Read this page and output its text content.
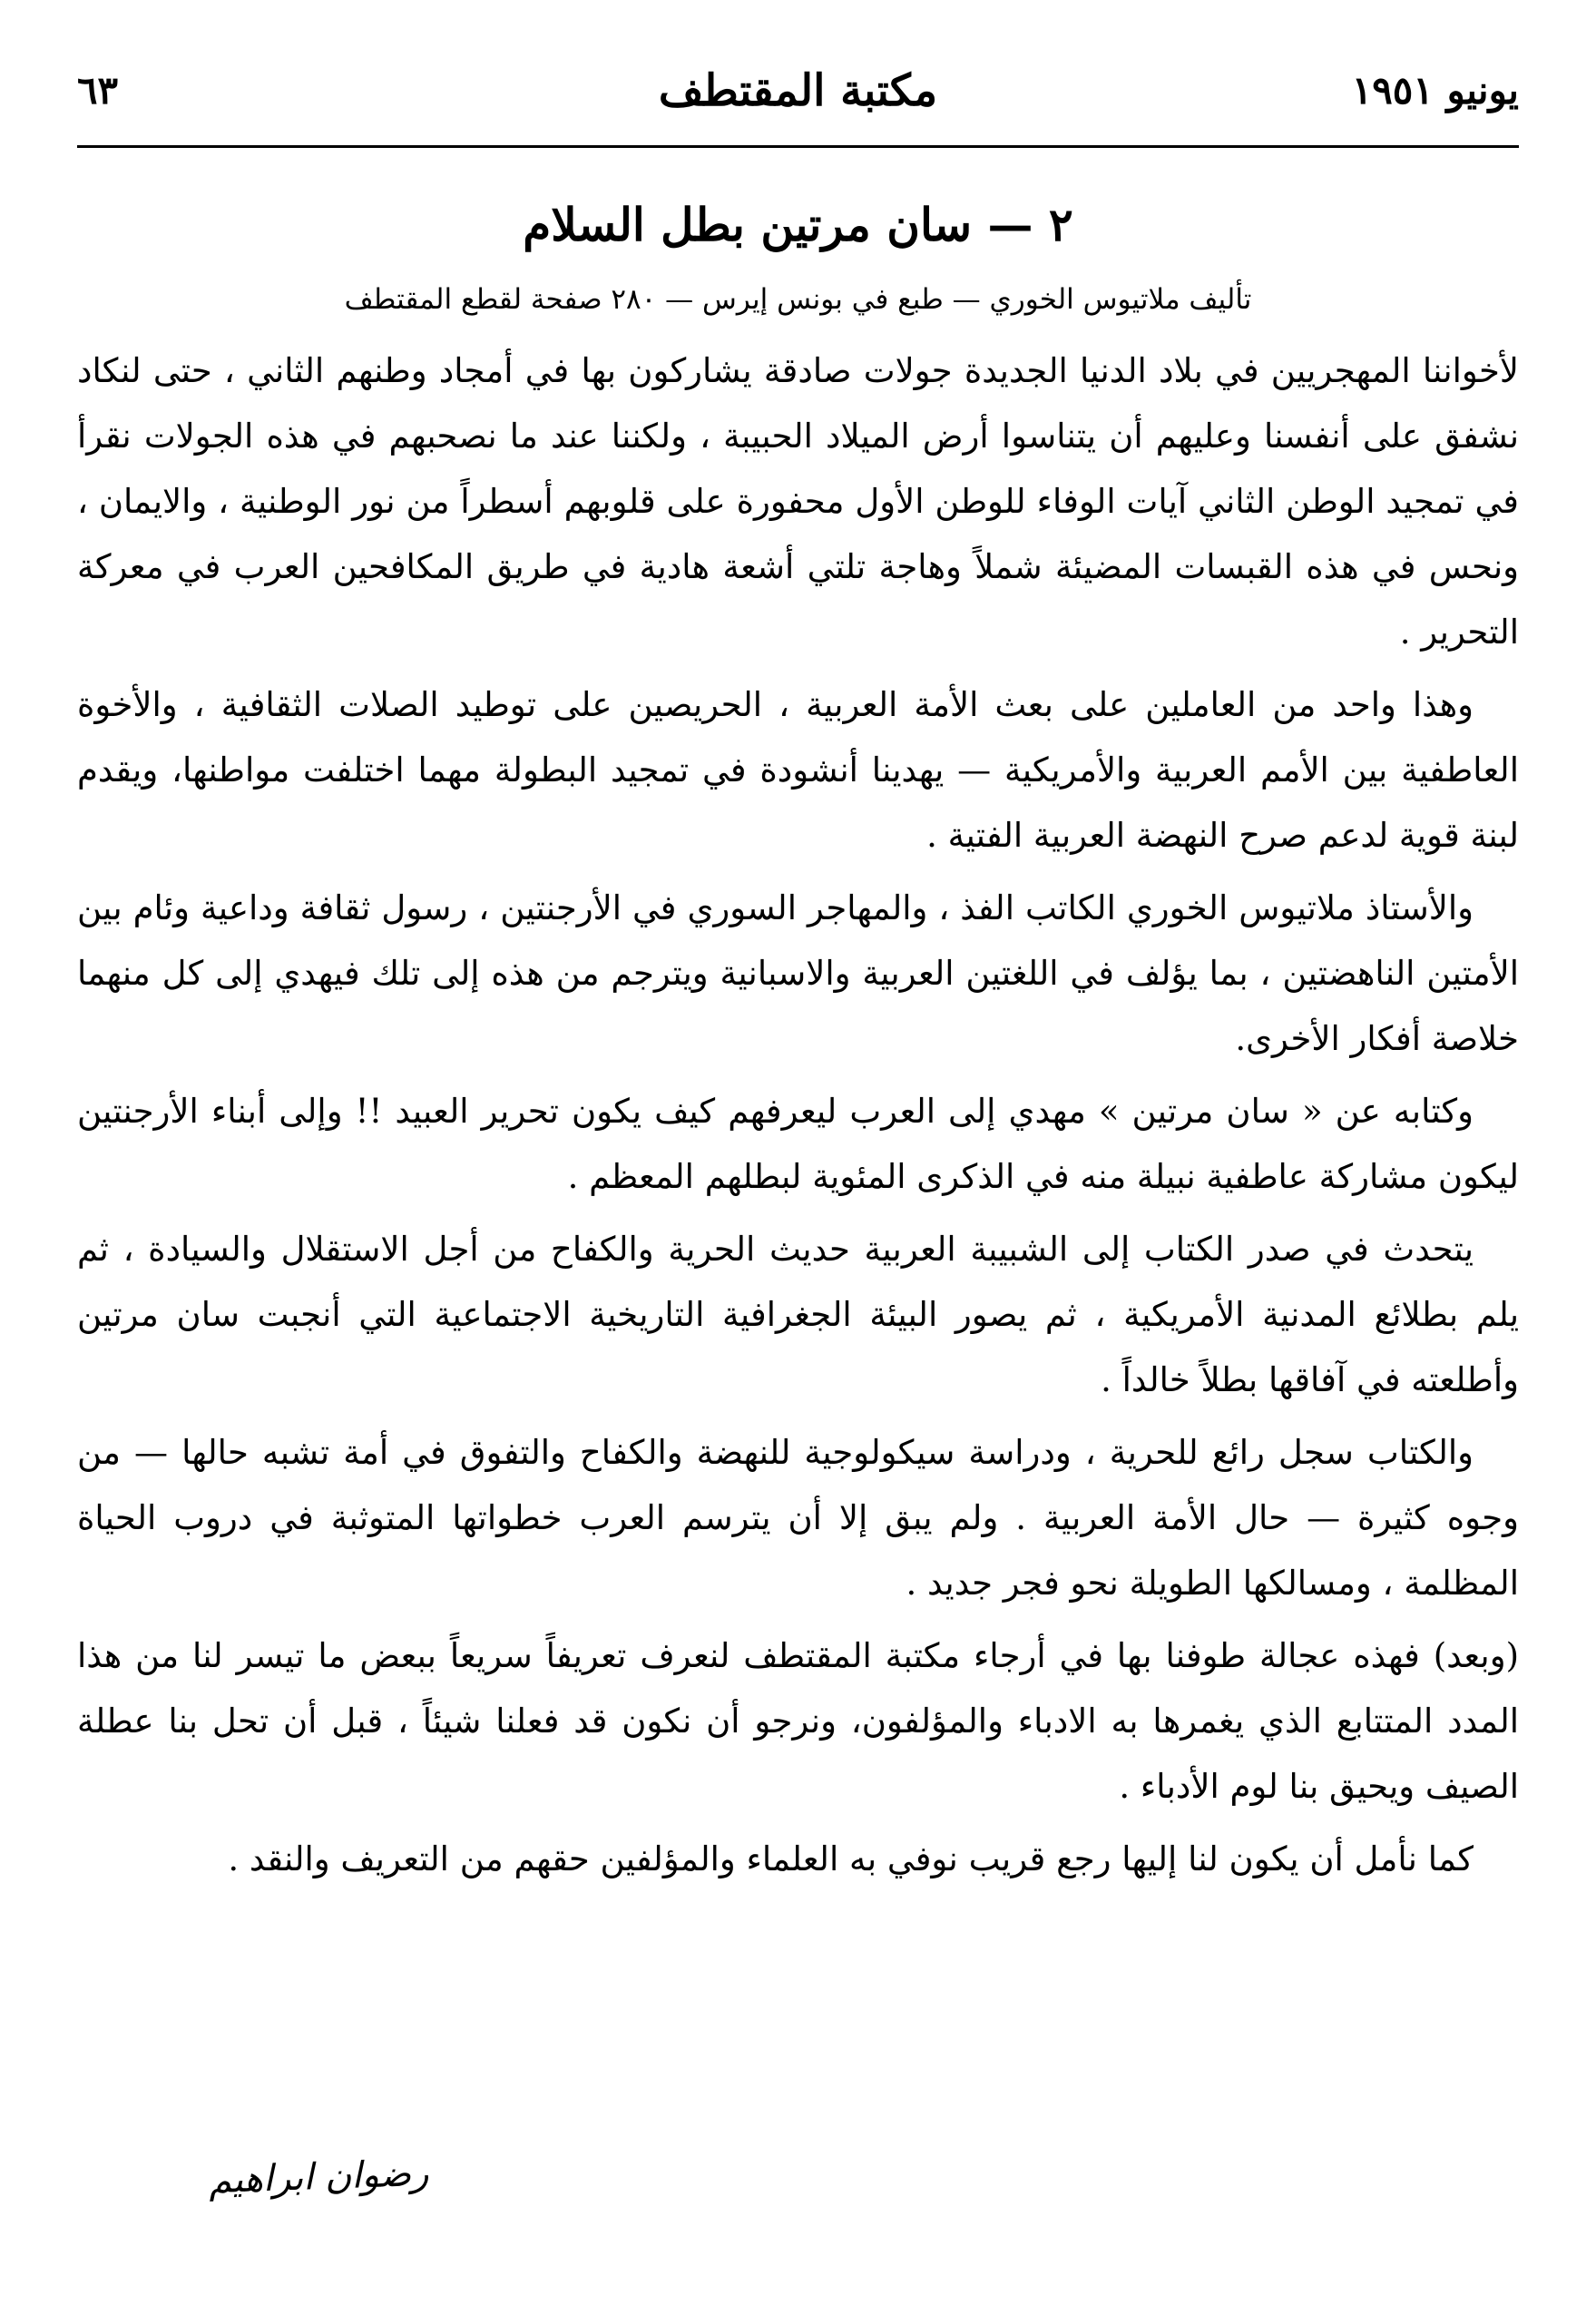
يونيو ١٩٥١
مكتبة المقتطف
٦٣
٢ — سان مرتين بطل السلام
تأليف ملاتيوس الخوري — طبع في بونس إيرس — ٢٨٠ صفحة لقطع المقتطف

لأخواننا المهجريين في بلاد الدنيا الجديدة جولات صادقة يشاركون بها في أمجاد وطنهم الثاني ، حتى لنكاد نشفق على أنفسنا وعليهم أن يتناسوا أرض الميلاد الحبيبة ، ولكننا عند ما نصحبهم في هذه الجولات نقرأ في تمجيد الوطن الثاني آيات الوفاء للوطن الأول محفورة على قلوبهم أسطراً من نور الوطنية ، والايمان ، ونحس في هذه القبسات المضيئة شملاً وهاجة تلتي أشعة هادية في طريق المكافحين العرب في معركة التحرير .

وهذا واحد من العاملين على بعث الأمة العربية ، الحريصين على توطيد الصلات الثقافية ، والأخوة العاطفية بين الأمم العربية والأمريكية — يهدينا أنشودة في تمجيد البطولة مهما اختلفت مواطنها، ويقدم لبنة قوية لدعم صرح النهضة العربية الفتية .

والأستاذ ملاتيوس الخوري الكاتب الفذ ، والمهاجر السوري في الأرجنتين ، رسول ثقافة وداعية وئام بين الأمتين الناهضتين ، بما يؤلف في اللغتين العربية والاسبانية ويترجم من هذه إلى تلك فيهدي إلى كل منهما خلاصة أفكار الأخرى.

وكتابه عن « سان مرتين » مهدي إلى العرب ليعرفهم كيف يكون تحرير العبيد !! وإلى أبناء الأرجنتين ليكون مشاركة عاطفية نبيلة منه في الذكرى المئوية لبطلهم المعظم .

يتحدث في صدر الكتاب إلى الشبيبة العربية حديث الحرية والكفاح من أجل الاستقلال والسيادة ، ثم يلم بطلائع المدنية الأمريكية ، ثم يصور البيئة الجغرافية التاريخية الاجتماعية التي أنجبت سان مرتين وأطلعته في آفاقها بطلاً خالداً .

والكتاب سجل رائع للحرية ، ودراسة سيكولوجية للنهضة والكفاح والتفوق في أمة تشبه حالها — من وجوه كثيرة — حال الأمة العربية . ولم يبق إلا أن يترسم العرب خطواتها المتوثبة في دروب الحياة المظلمة ، ومسالكها الطويلة نحو فجر جديد .

(وبعد) فهذه عجالة طوفنا بها في أرجاء مكتبة المقتطف لنعرف تعريفاً سريعاً ببعض ما تيسر لنا من هذا المدد المتتابع الذي يغمرها به الادباء والمؤلفون، ونرجو أن نكون قد فعلنا شيئاً ، قبل أن تحل بنا عطلة الصيف ويحيق بنا لوم الأدباء .

كما نأمل أن يكون لنا إليها رجع قريب نوفي به العلماء والمؤلفين حقهم من التعريف والنقد .

رضوان ابراهيم
